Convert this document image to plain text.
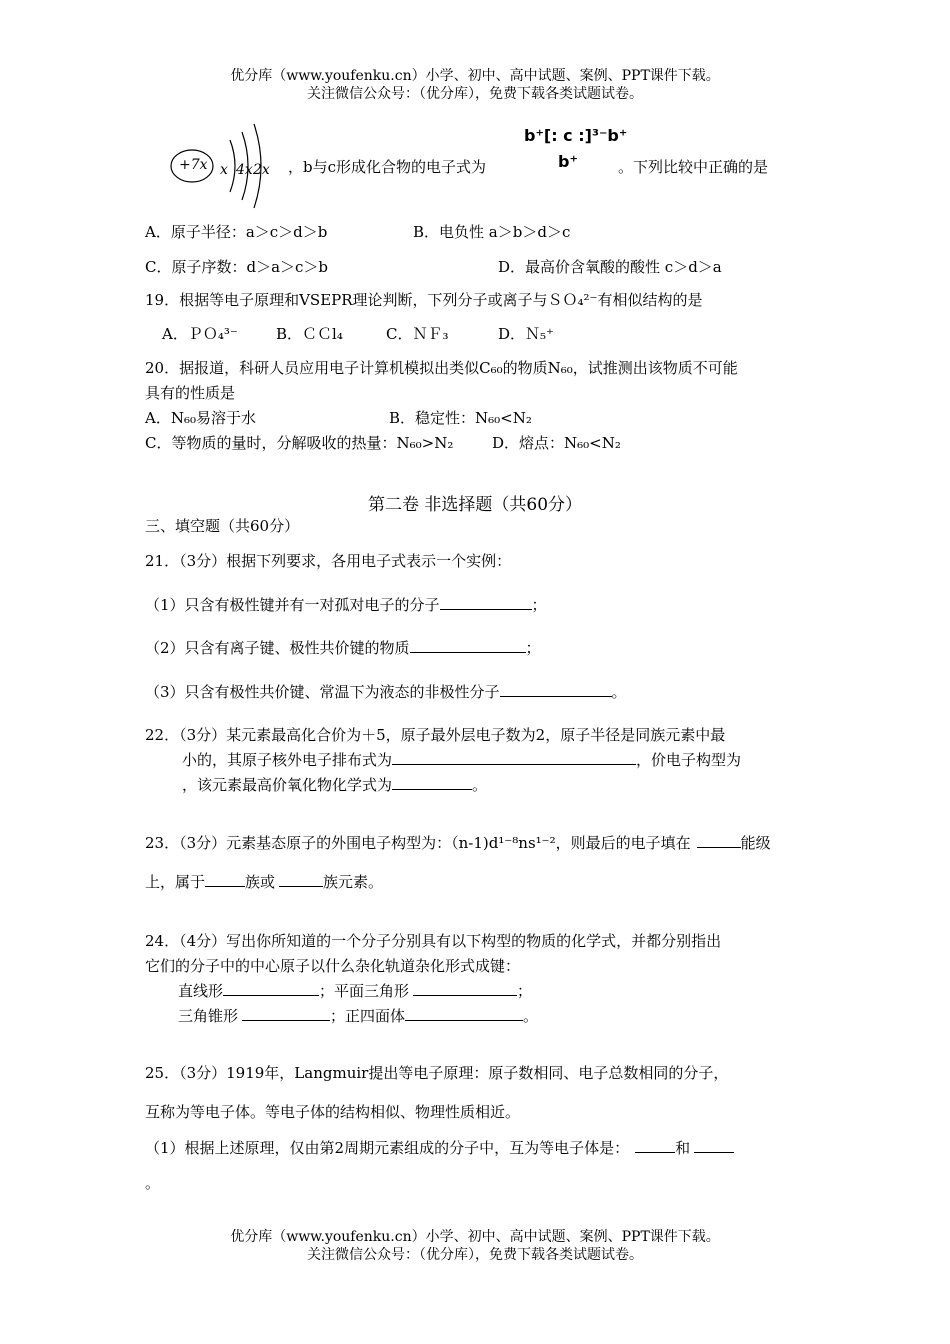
优分库（www.youfenku.cn）小学、初中、高中试题、案例、PPT课件下载。
关注微信公众号：（优分库），免费下载各类试题试卷。
+7x x 4x 2x ，b与c形成化合物的电子式为
b⁺[: c :]³⁻b⁺
b⁺	。下列比较中正确的是
A．原子半径：a＞c＞d＞b	B．电负性 a＞b＞d＞c
C．原子序数：d＞a＞c＞b	D．最高价含氧酸的酸性 c＞d＞a
19．根据等电子原理和VSEPR理论判断，下列分子或离子与ＳＯ₄²⁻有相似结构的是
A．ＰＯ₄³⁻	B．ＣＣl₄	C．ＮＦ₃	D．Ｎ₅⁺
20．据报道，科研人员应用电子计算机模拟出类似C₆₀的物质N₆₀，试推测出该物质不可能
具有的性质是
A．N₆₀易溶于水	B．稳定性：N₆₀<N₂
C．等物质的量时，分解吸收的热量：N₆₀>N₂	D．熔点：N₆₀<N₂
第二卷 非选择题（共60分）
三、填空题（共60分）
21．（3分）根据下列要求，各用电子式表示一个实例：
（1）只含有极性键并有一对孤对电子的分子	；
（2）只含有离子键、极性共价键的物质	；
（3）只含有极性共价键、常温下为液态的非极性分子	。
22．（3分）某元素最高化合价为＋5，原子最外层电子数为2，原子半径是同族元素中最
小的，其原子核外电子排布式为	，价电子构型为
，该元素最高价氧化物化学式为	。
23．（3分）元素基态原子的外围电子构型为：（n-1)d¹⁻⁸ns¹⁻²，则最后的电子填在	能级
上，属于	族或	族元素。
24．（4分）写出你所知道的一个分子分别具有以下构型的物质的化学式，并都分别指出
它们的分子中的中心原子以什么杂化轨道杂化形式成键：
直线形	；平面三角形	；
三角锥形	；正四面体	。
25．（3分）1919年，Langmuir提出等电子原理：原子数相同、电子总数相同的分子，
互称为等电子体。等电子体的结构相似、物理性质相近。
（1）根据上述原理，仅由第2周期元素组成的分子中，互为等电子体是：	和
。
优分库（www.youfenku.cn）小学、初中、高中试题、案例、PPT课件下载。
关注微信公众号：（优分库），免费下载各类试题试卷。
